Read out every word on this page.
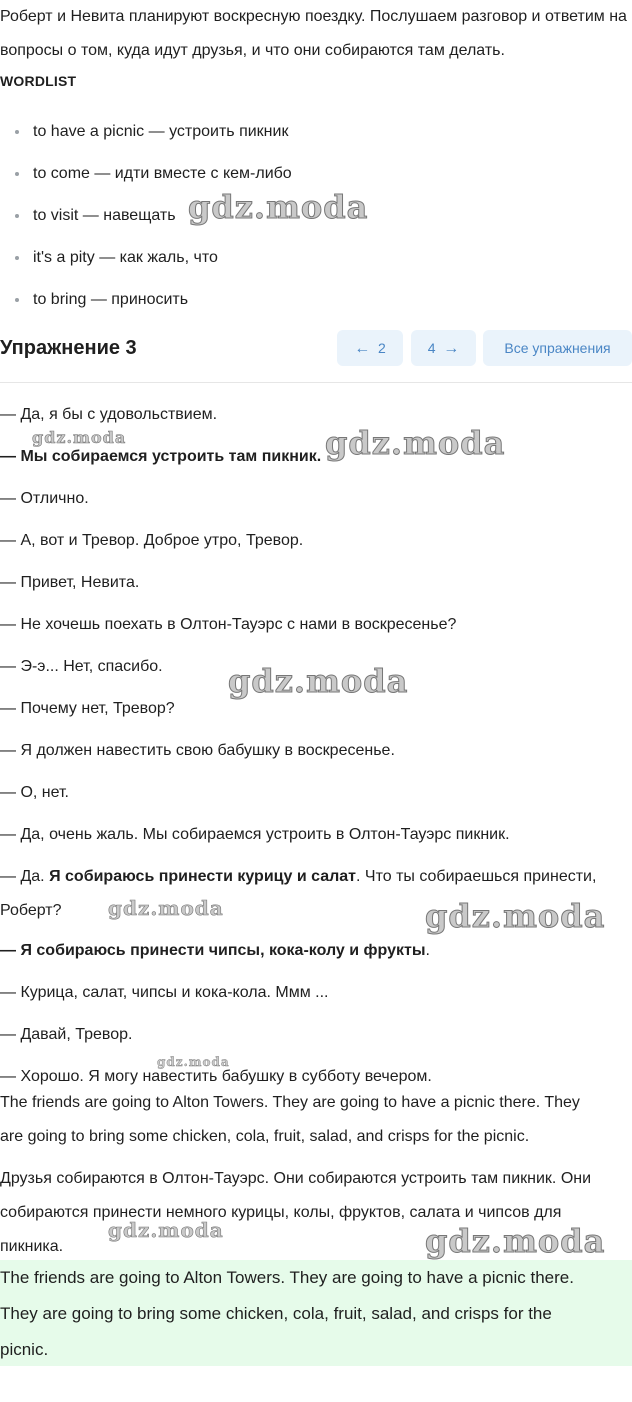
Роберт и Невита планируют воскресную поездку. Послушаем разговор и ответим на вопросы о том, куда идут друзья, и что они собираются там делать.

WORDLIST
to have a picnic — устроить пикник
to come — идти вместе с кем-либо
to visit — навещать
it's a pity — как жаль, что
to bring — приносить
Упражнение 3	← 2	4 →	Все упражнения
— Да, я бы с удовольствием.
— Мы собираемся устроить там пикник.
— Отлично.
— А, вот и Тревор. Доброе утро, Тревор.
— Привет, Невита.
— Не хочешь поехать в Олтон-Тауэрс с нами в воскресенье?
— Э-э... Нет, спасибо.
— Почему нет, Тревор?
— Я должен навестить свою бабушку в воскресенье.
— О, нет.
— Да, очень жаль. Мы собираемся устроить в Олтон-Тауэрс пикник.
— Да. Я собираюсь принести курицу и салат. Что ты собираешься принести,
Роберт?
— Я собираюсь принести чипсы, кока-колу и фрукты.
— Курица, салат, чипсы и кока-кола. Ммм ...
— Давай, Тревор.
— Хорошо. Я могу навестить бабушку в субботу вечером.
The friends are going to Alton Towers. They are going to have a picnic there. They
are going to bring some chicken, cola, fruit, salad, and crisps for the picnic.
Друзья собираются в Олтон-Тауэрс. Они собираются устроить там пикник. Они
собираются принести немного курицы, колы, фруктов, салата и чипсов для
пикника.

The friends are going to Alton Towers. They are going to have a picnic there.

They are going to bring some chicken, cola, fruit, salad, and crisps for the

picnic.

gdz.moda
gdz.moda	gdz.moda
gdz.moda
gdz.moda	gdz.moda
gdz.moda
gdz.moda	gdz.moda
